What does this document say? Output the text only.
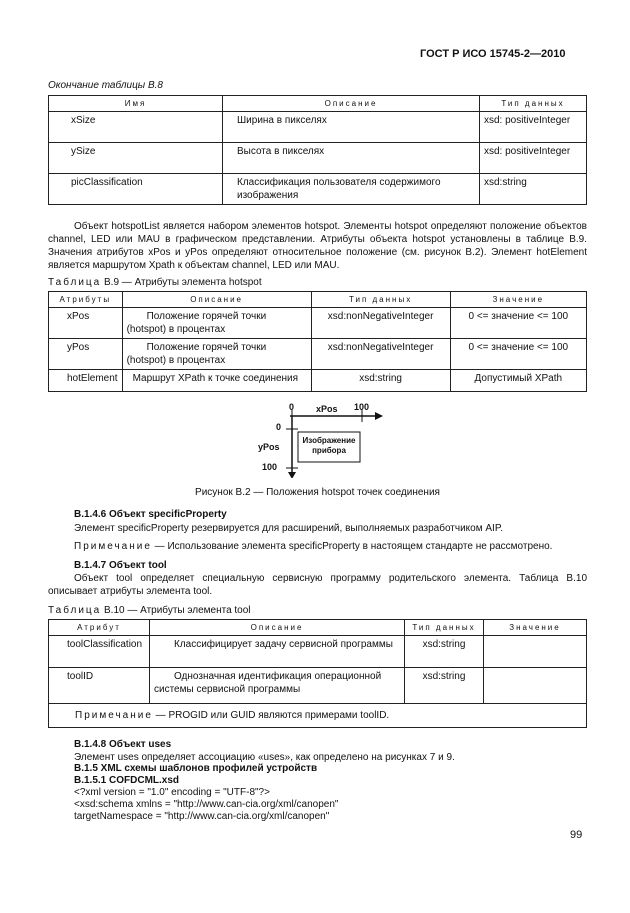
ГОСТ Р ИСО 15745-2—2010
Окончание таблицы В.8
Имя	Описание	Тип данных
xSize	Ширина в пикселях	xsd: positiveInteger
ySize	Высота в пикселях	xsd: positiveInteger
picClassification	Классификация пользователя содержимого изображения	xsd:string
Объект hotspotList является набором элементов hotspot. Элементы hotspot определяют положение объектов channel, LED или MAU в графическом представлении. Атрибуты объекта hotspot установлены в таблице В.9. Значения атрибутов xPos и yPos определяют относительное положение (см. рисунок В.2). Элемент hotElement является маршрутом Xpath к объектам channel, LED или MAU.
Таблица В.9 — Атрибуты элемента hotspot
Атрибуты	Описание	Тип данных	Значение
xPos	Положение горячей точки (hotspot) в процентах	xsd:nonNegativeInteger	0 <= значение <= 100
yPos	Положение горячей точки (hotspot) в процентах	xsd:nonNegativeInteger	0 <= значение <= 100
hotElement	Маршрут XPath к точке соединения	xsd:string	Допустимый XPath
0 xPos 100
0
yPos
100
Изображение
прибора
Рисунок В.2 — Положения hotspot точек соединения
В.1.4.6 Объект specificProperty
Элемент specificProperty резервируется для расширений, выполняемых разработчиком AIP.
Примечание — Использование элемента specificProperty в настоящем стандарте не рассмотрено.
В.1.4.7 Объект tool
Объект tool определяет специальную сервисную программу родительского элемента. Таблица В.10 описывает атрибуты элемента tool.
Таблица В.10 — Атрибуты элемента tool
Атрибут	Описание	Тип данных	Значение
toolClassification	Классифицирует задачу сервисной программы	xsd:string	
toolID	Однозначная идентификация операционной системы сервисной программы	xsd:string	
Примечание — PROGID или GUID являются примерами toolID.			
В.1.4.8 Объект uses
Элемент uses определяет ассоциацию «uses», как определено на рисунках 7 и 9.
В.1.5 XML схемы шаблонов профилей устройств
В.1.5.1 COFDCML.xsd
<?xml version = "1.0" encoding = "UTF-8"?>
<xsd:schema xmlns = "http://www.can-cia.org/xml/canopen"
targetNamespace = "http://www.can-cia.org/xml/canopen"
99
